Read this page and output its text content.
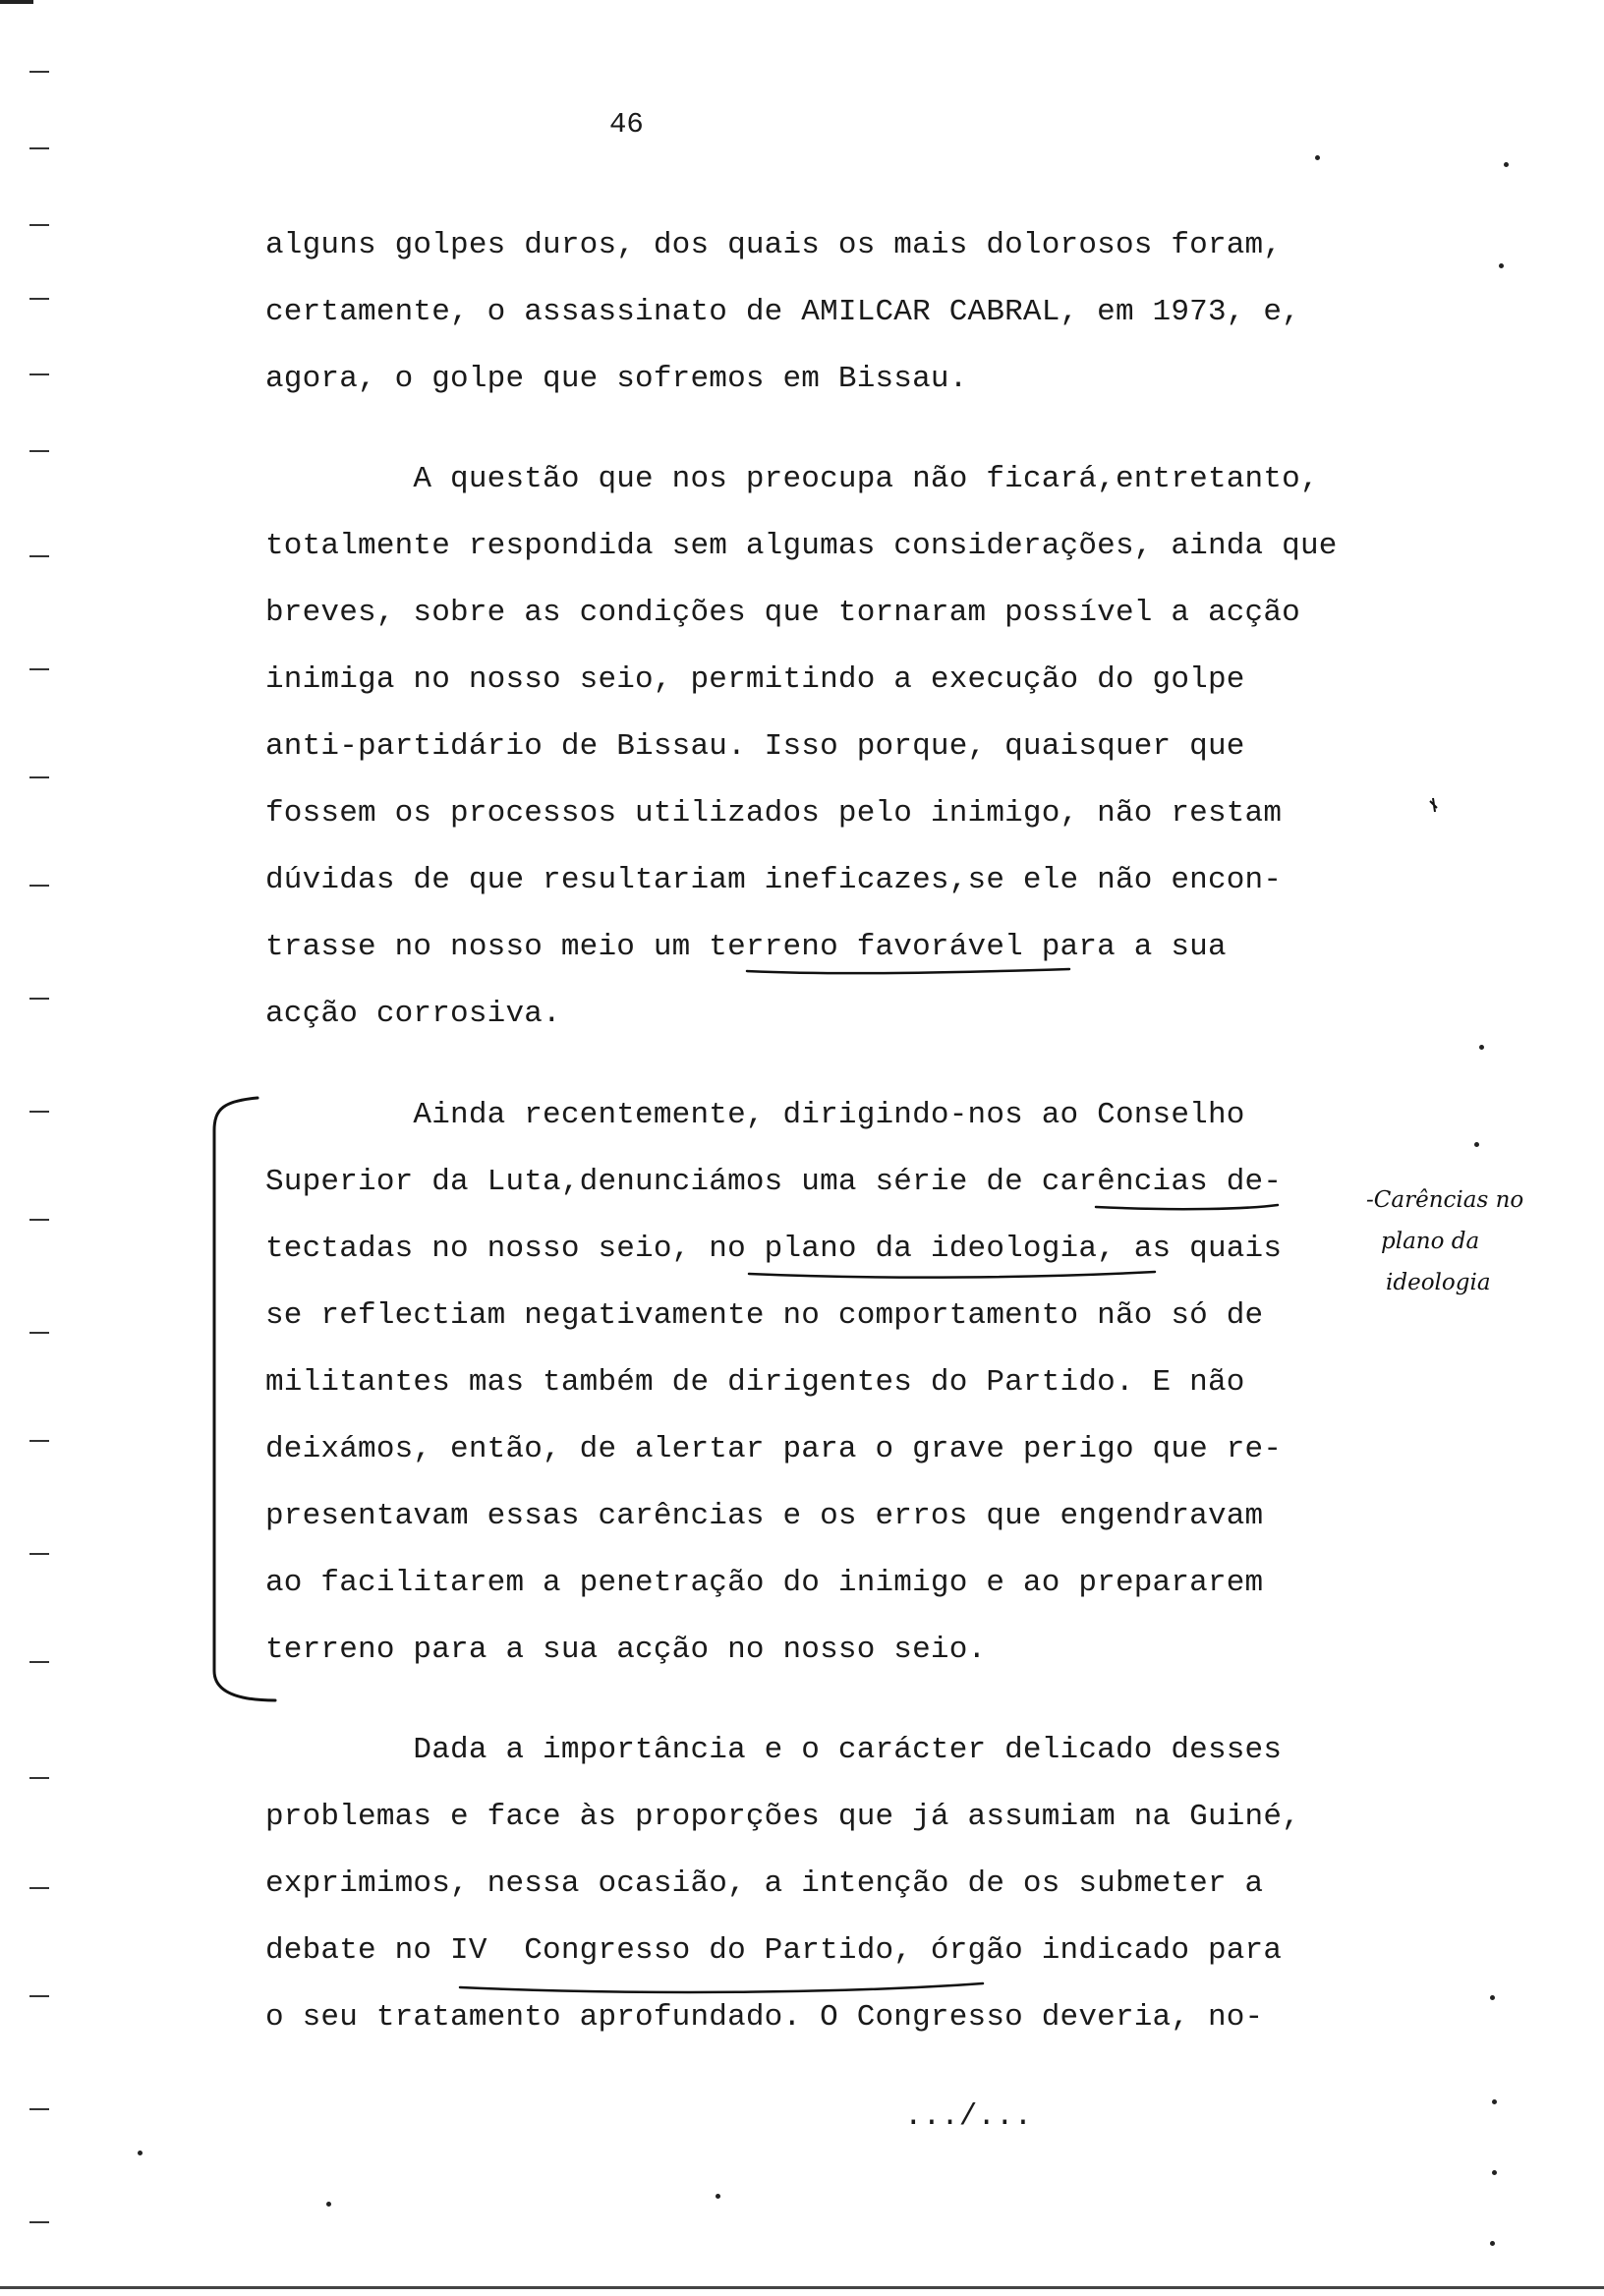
46
alguns golpes duros, dos quais os mais dolorosos foram,
certamente, o assassinato de AMILCAR CABRAL, em 1973, e,
agora, o golpe que sofremos em Bissau.
A questão que nos preocupa não ficará,entretanto,
totalmente respondida sem algumas considerações, ainda que
breves, sobre as condições que tornaram possível a acção
inimiga no nosso seio, permitindo a execução do golpe
anti-partidário de Bissau. Isso porque, quaisquer que
fossem os processos utilizados pelo inimigo, não restam
dúvidas de que resultariam ineficazes,se ele não encon-
trasse no nosso meio um terreno favorável para a sua
acção corrosiva.
Ainda recentemente, dirigindo-nos ao Conselho
Superior da Luta,denunciámos uma série de carências de-
tectadas no nosso seio, no plano da ideologia, as quais
se reflectiam negativamente no comportamento não só de
militantes mas também de dirigentes do Partido. E não
deixámos, então, de alertar para o grave perigo que re-
presentavam essas carências e os erros que engendravam
ao facilitarem a penetração do inimigo e ao prepararem
terreno para a sua acção no nosso seio.
Dada a importância e o carácter delicado desses
problemas e face às proporções que já assumiam na Guiné,
exprimimos, nessa ocasião, a intenção de os submeter a
debate no IV  Congresso do Partido, órgão indicado para
o seu tratamento aprofundado. O Congresso deveria, no-
.../...
-Carências no
plano da
ideologia
